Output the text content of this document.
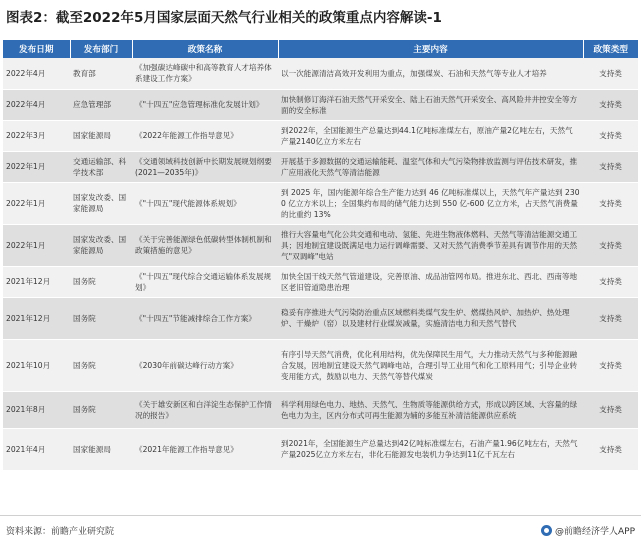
图表2：截至2022年5月国家层面天然气行业相关的政策重点内容解读-1
发布日期	发布部门	政策名称	主要内容	政策类型
2022年4月	教育部	《加强碳达峰碳中和高等教育人才培养体系建设工作方案》	以一次能源清洁高效开发利用为重点，加强煤炭、石油和天然气等专业人才培养	支持类
2022年4月	应急管理部	《"十四五"应急管理标准化发展计划》	加快制修订海洋石油天然气开采安全、陆上石油天然气开采安全、高风险井井控安全等方面的安全标准	支持类
2022年3月	国家能源局	《2022年能源工作指导意见》	到2022年，全国能源生产总量达到44.1亿吨标准煤左右，原油产量2亿吨左右，天然气产量2140亿立方米左右	支持类
2022年1月	交通运输部、科学技术部	《交通领域科技创新中长期发展规划纲要(2021—2035年)》	开展基于多源数据的交通运输能耗、温室气体和大气污染物排放监测与评估技术研发，推广应用液化天然气等清洁能源	支持类
2022年1月	国家发改委、国家能源局	《"十四五"现代能源体系规划》	到 2025 年，国内能源年综合生产能力达到 46 亿吨标准煤以上，天然气年产量达到 2300 亿立方米以上；全国集约布局的储气能力达到 550 亿-600 亿立方米，占天然气消费量的比重约 13%	支持类
2022年1月	国家发改委、国家能源局	《关于完善能源绿色低碳转型体制机制和政策措施的意见》	推行大容量电气化公共交通和电动、氢能、先进生物液体燃料、天然气等清洁能源交通工具；因地制宜建设既满足电力运行调峰需要、又对天然气消费季节差具有调节作用的天然气"双调峰"电站	支持类
2021年12月	国务院	《"十四五"现代综合交通运输体系发展规划》	加快全国干线天然气管道建设，完善原油、成品油管网布局。推进东北、西北、西南等地区老旧管道隐患治理	支持类
2021年12月	国务院	《"十四五"节能减排综合工作方案》	稳妥有序推进大气污染防治重点区域燃料类煤气发生炉、燃煤热风炉、加热炉、热处理炉、干燥炉（窑）以及建材行业煤炭减量，实施清洁电力和天然气替代	支持类
2021年10月	国务院	《2030年前碳达峰行动方案》	有序引导天然气消费，优化利用结构，优先保障民生用气，大力推动天然气与多种能源融合发展，因地制宜建设天然气调峰电站，合理引导工业用气和化工原料用气；引导企业转变用能方式，鼓励以电力、天然气等替代煤炭	支持类
2021年8月	国务院	《关于雄安新区和白洋淀生态保护工作情况的报告》	科学利用绿色电力、地热、天然气、生物质等能源供给方式，形成以跨区域、大容量的绿色电力为主，区内分布式可再生能源为辅的多能互补清洁能源供应系统	支持类
2021年4月	国家能源局	《2021年能源工作指导意见》	到2021年，全国能源生产总量达到42亿吨标准煤左右，石油产量1.96亿吨左右，天然气产量2025亿立方米左右，非化石能源发电装机力争达到11亿千瓦左右	支持类
资料来源：前瞻产业研究院	@前瞻经济学人APP
